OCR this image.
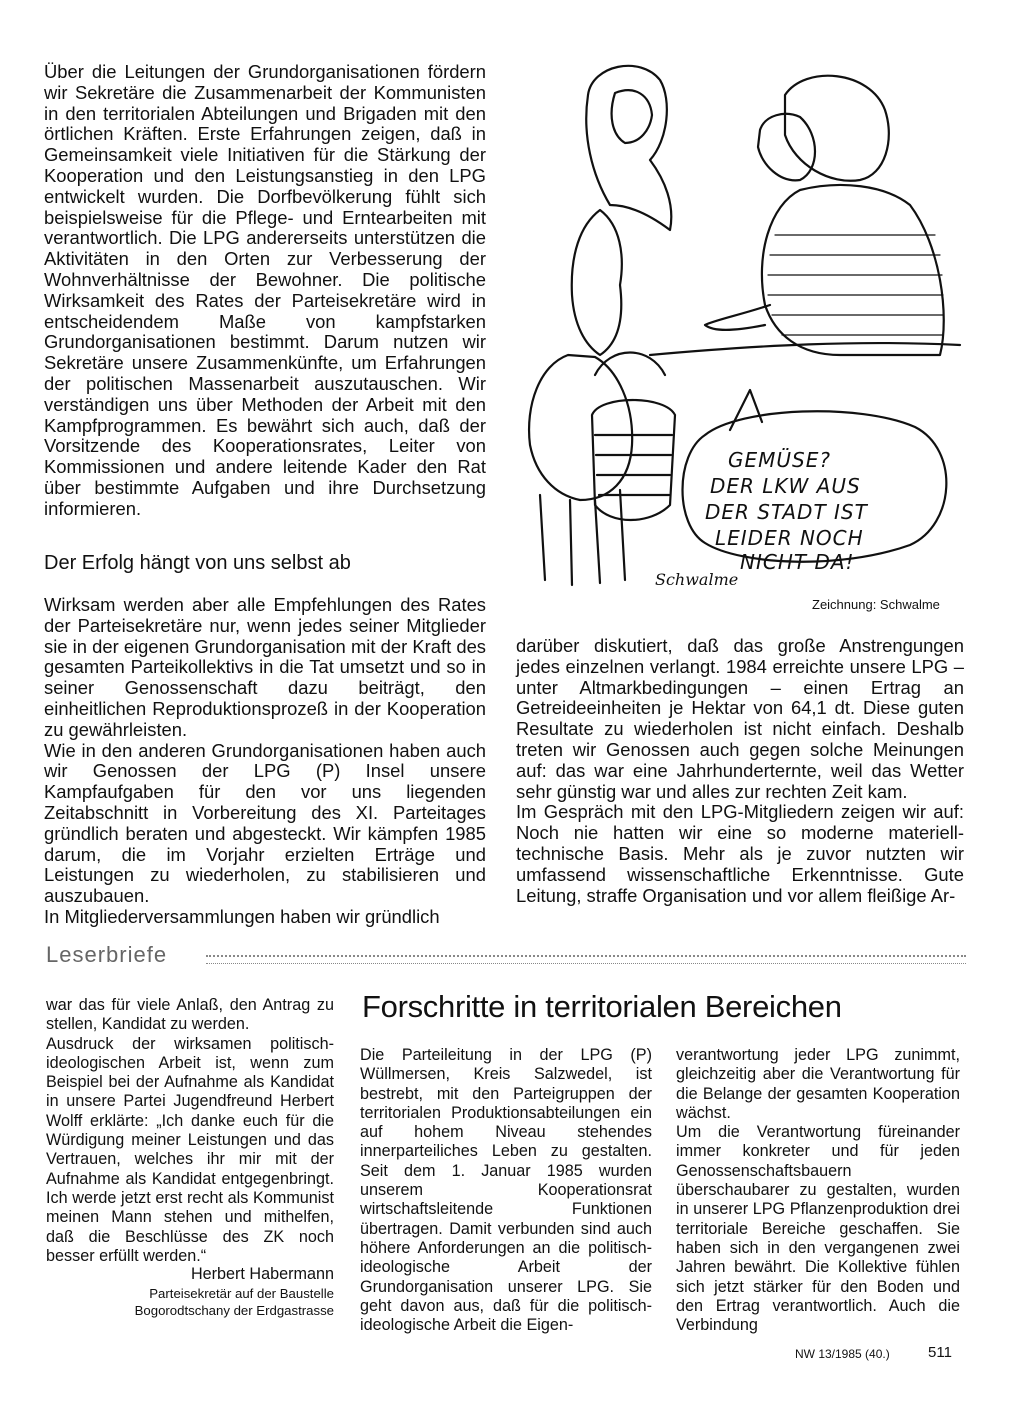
Über die Leitungen der Grundorganisationen fördern wir Sekretäre die Zusammenarbeit der Kommunisten in den territorialen Abteilungen und Brigaden mit den örtlichen Kräften. Erste Erfahrungen zeigen, daß in Gemeinsamkeit viele Initiativen für die Stärkung der Kooperation und den Leistungsanstieg in den LPG entwickelt wurden. Die Dorfbevölkerung fühlt sich beispielsweise für die Pflege- und Erntearbeiten mit verantwortlich. Die LPG andererseits unterstützen die Aktivitäten in den Orten zur Verbesserung der Wohnverhältnisse der Bewohner. Die politische Wirksamkeit des Rates der Parteisekretäre wird in entscheidendem Maße von kampfstarken Grundorganisationen bestimmt. Darum nutzen wir Sekretäre unsere Zusammenkünfte, um Erfahrungen der politischen Massenarbeit auszutauschen. Wir verständigen uns über Methoden der Arbeit mit den Kampfprogrammen. Es bewährt sich auch, daß der Vorsitzende des Kooperationsrates, Leiter von Kommissionen und andere leitende Kader den Rat über bestimmte Aufgaben und ihre Durchsetzung informieren.

Der Erfolg hängt von uns selbst ab

Wirksam werden aber alle Empfehlungen des Rates der Parteisekretäre nur, wenn jedes seiner Mitglieder sie in der eigenen Grundorganisation mit der Kraft des gesamten Parteikollektivs in die Tat umsetzt und so in seiner Genossenschaft dazu beiträgt, den einheitlichen Reproduktionsprozeß in der Kooperation zu gewährleisten.

Wie in den anderen Grundorganisationen haben auch wir Genossen der LPG (P) Insel unsere Kampfaufgaben für den vor uns liegenden Zeitabschnitt in Vorbereitung des XI. Parteitages gründlich beraten und abgesteckt. Wir kämpfen 1985 darum, die im Vorjahr erzielten Erträge und Leistungen zu wiederholen, zu stabilisieren und auszubauen.

In Mitgliederversammlungen haben wir gründlich

GEMÜSE?
DER LKW AUS
DER STADT IST
LEIDER NOCH
NICHT DA!
Schwalme
Zeichnung: Schwalme

darüber diskutiert, daß das große Anstrengungen jedes einzelnen verlangt. 1984 erreichte unsere LPG – unter Altmarkbedingungen – einen Ertrag an Getreideeinheiten je Hektar von 64,1 dt. Diese guten Resultate zu wiederholen ist nicht einfach. Deshalb treten wir Genossen auch gegen solche Meinungen auf: das war eine Jahrhunderternte, weil das Wetter sehr günstig war und alles zur rechten Zeit kam.

Im Gespräch mit den LPG-Mitgliedern zeigen wir auf: Noch nie hatten wir eine so moderne materiell-technische Basis. Mehr als je zuvor nutzten wir umfassend wissenschaftliche Erkenntnisse. Gute Leitung, straffe Organisation und vor allem fleißige Ar-

Leserbriefe

war das für viele Anlaß, den Antrag zu stellen, Kandidat zu werden.

Ausdruck der wirksamen politisch-ideologischen Arbeit ist, wenn zum Beispiel bei der Aufnahme als Kandidat in unsere Partei Jugendfreund Herbert Wolff erklärte: „Ich danke euch für die Würdigung meiner Leistungen und das Vertrauen, welches ihr mir mit der Aufnahme als Kandidat entgegenbringt. Ich werde jetzt erst recht als Kommunist meinen Mann stehen und mithelfen, daß die Beschlüsse des ZK noch besser erfüllt werden.“

Herbert Habermann
Parteisekretär auf der Baustelle
Bogorodtschany der Erdgastrasse
Forschritte in territorialen Bereichen

Die Parteileitung in der LPG (P) Wüllmersen, Kreis Salzwedel, ist bestrebt, mit den Parteigruppen der territorialen Produktionsabteilungen ein auf hohem Niveau stehendes innerparteiliches Leben zu gestalten. Seit dem 1. Januar 1985 wurden unserem Kooperationsrat wirtschaftsleitende Funktionen übertragen. Damit verbunden sind auch höhere Anforderungen an die politisch-ideologische Arbeit der Grundorganisation unserer LPG. Sie geht davon aus, daß für die politisch-ideologische Arbeit die Eigen-

verantwortung jeder LPG zunimmt, gleichzeitig aber die Verantwortung für die Belange der gesamten Kooperation wächst.

Um die Verantwortung füreinander immer konkreter und für jeden Genossenschaftsbauern überschaubarer zu gestalten, wurden in unserer LPG Pflanzenproduktion drei territoriale Bereiche geschaffen. Sie haben sich in den vergangenen zwei Jahren bewährt. Die Kollektive fühlen sich jetzt stärker für den Boden und den Ertrag verantwortlich. Auch die Verbindung

NW 13/1985 (40.)	511
